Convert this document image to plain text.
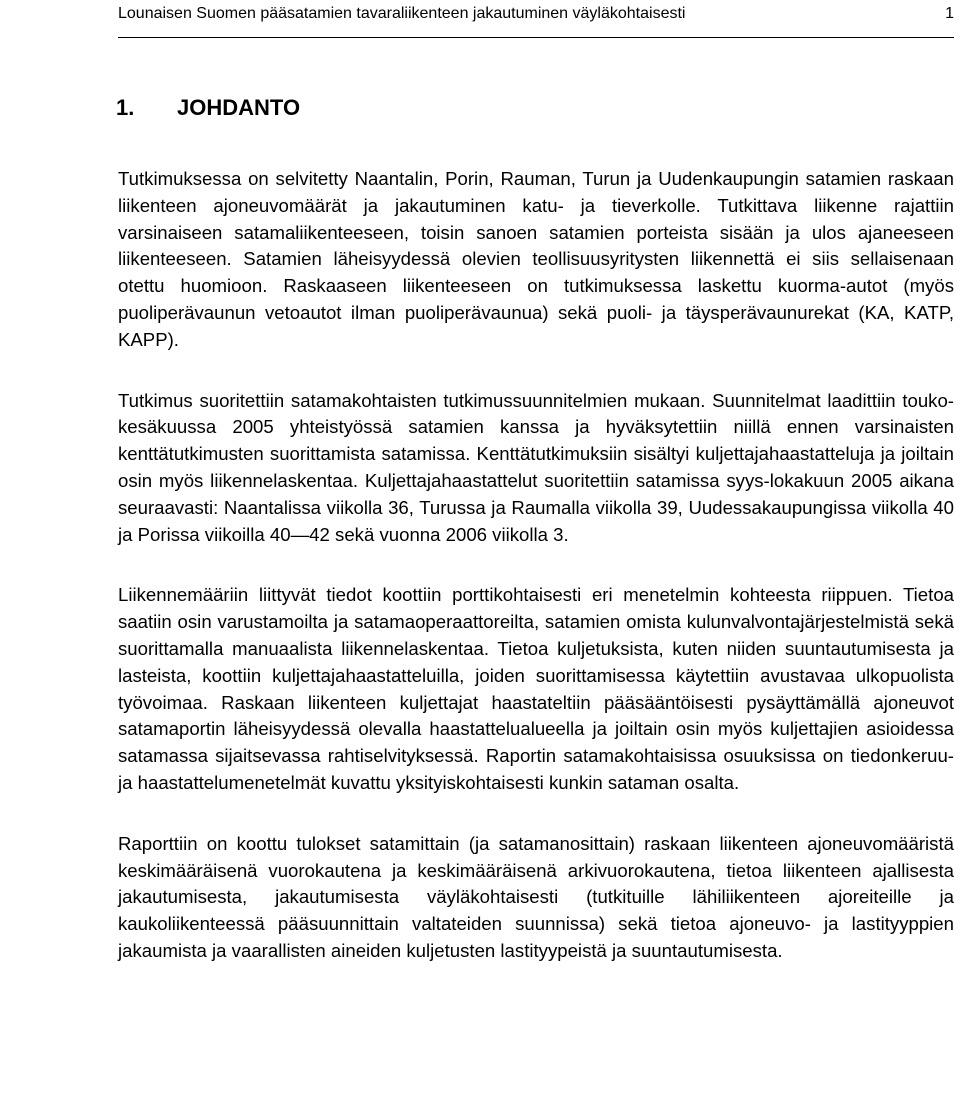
Lounaisen Suomen pääsatamien tavaraliikenteen jakautuminen väyläkohtaisesti	1
1. JOHDANTO

Tutkimuksessa on selvitetty Naantalin, Porin, Rauman, Turun ja Uudenkaupungin satamien raskaan liikenteen ajoneuvomäärät ja jakautuminen katu- ja tieverkolle. Tutkittava liikenne rajattiin varsinaiseen satamaliikenteeseen, toisin sanoen satamien porteista sisään ja ulos ajaneeseen liikenteeseen. Satamien läheisyydessä olevien teollisuusyritysten liikennettä ei siis sellaisenaan otettu huomioon. Raskaaseen liikenteeseen on tutkimuksessa laskettu kuorma-autot (myös puoliperävaunun vetoautot ilman puoliperävaunua) sekä puoli- ja täysperävaunurekat (KA, KATP, KAPP).

Tutkimus suoritettiin satamakohtaisten tutkimussuunnitelmien mukaan. Suunnitelmat laadittiin touko-kesäkuussa 2005 yhteistyössä satamien kanssa ja hyväksytettiin niillä ennen varsinaisten kenttätutkimusten suorittamista satamissa. Kenttätutkimuksiin sisältyi kuljettajahaastatteluja ja joiltain osin myös liikennelaskentaa. Kuljettajahaastattelut suoritettiin satamissa syys-lokakuun 2005 aikana seuraavasti: Naantalissa viikolla 36, Turussa ja Raumalla viikolla 39, Uudessakaupungissa viikolla 40 ja Porissa viikoilla 40—42 sekä vuonna 2006 viikolla 3.

Liikennemääriin liittyvät tiedot koottiin porttikohtaisesti eri menetelmin kohteesta riippuen. Tietoa saatiin osin varustamoilta ja satamaoperaattoreilta, satamien omista kulunvalvontajärjestelmistä sekä suorittamalla manuaalista liikennelaskentaa. Tietoa kuljetuksista, kuten niiden suuntautumisesta ja lasteista, koottiin kuljettajahaastatteluilla, joiden suorittamisessa käytettiin avustavaa ulkopuolista työvoimaa. Raskaan liikenteen kuljettajat haastateltiin pääsääntöisesti pysäyttämällä ajoneuvot satamaportin läheisyydessä olevalla haastattelualueella ja joiltain osin myös kuljettajien asioidessa satamassa sijaitsevassa rahtiselvityksessä. Raportin satamakohtaisissa osuuksissa on tiedonkeruu- ja haastattelumenetelmät kuvattu yksityiskohtaisesti kunkin sataman osalta.

Raporttiin on koottu tulokset satamittain (ja satamanosittain) raskaan liikenteen ajoneuvomääristä keskimääräisenä vuorokautena ja keskimääräisenä arkivuorokautena, tietoa liikenteen ajallisesta jakautumisesta, jakautumisesta väyläkohtaisesti (tutkituille lähiliikenteen ajoreiteille ja kaukoliikenteessä pääsuunnittain valtateiden suunnissa) sekä tietoa ajoneuvo- ja lastityyppien jakaumista ja vaarallisten aineiden kuljetusten lastityypeistä ja suuntautumisesta.
